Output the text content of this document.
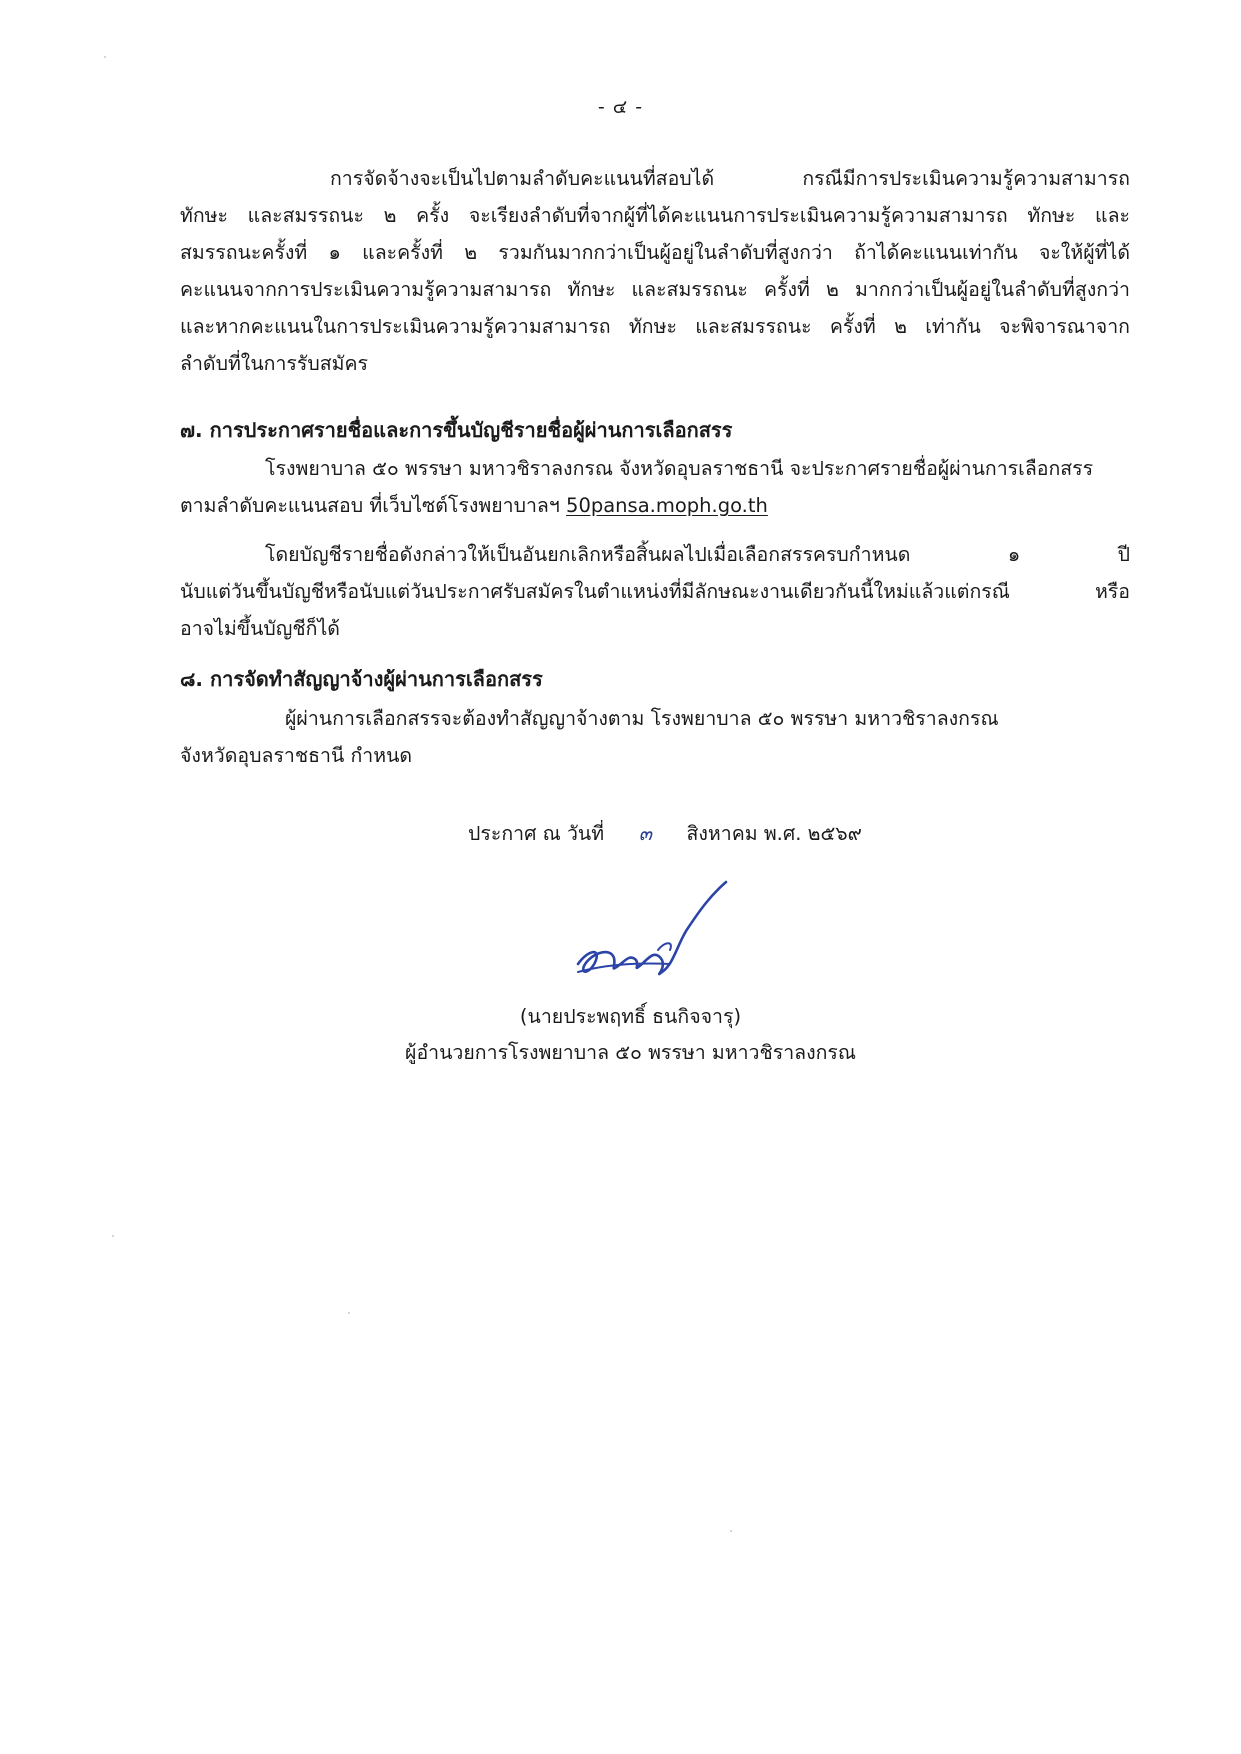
- ๔ -
การจัดจ้างจะเป็นไปตามลำดับคะแนนที่สอบได้ กรณีมีการประเมินความรู้ความสามารถ
ทักษะ และสมรรถนะ ๒ ครั้ง จะเรียงลำดับที่จากผู้ที่ได้คะแนนการประเมินความรู้ความสามารถ ทักษะ และ
สมรรถนะครั้งที่ ๑ และครั้งที่ ๒ รวมกันมากกว่าเป็นผู้อยู่ในลำดับที่สูงกว่า ถ้าได้คะแนนเท่ากัน จะให้ผู้ที่ได้
คะแนนจากการประเมินความรู้ความสามารถ ทักษะ และสมรรถนะ ครั้งที่ ๒ มากกว่าเป็นผู้อยู่ในลำดับที่สูงกว่า
และหากคะแนนในการประเมินความรู้ความสามารถ ทักษะ และสมรรถนะ ครั้งที่ ๒ เท่ากัน จะพิจารณาจาก
ลำดับที่ในการรับสมัคร
๗. การประกาศรายชื่อและการขึ้นบัญชีรายชื่อผู้ผ่านการเลือกสรร
โรงพยาบาล ๕๐ พรรษา มหาวชิราลงกรณ จังหวัดอุบลราชธานี จะประกาศรายชื่อผู้ผ่านการเลือกสรร
ตามลำดับคะแนนสอบ ที่เว็บไซต์โรงพยาบาลฯ 50pansa.moph.go.th
โดยบัญชีรายชื่อดังกล่าวให้เป็นอันยกเลิกหรือสิ้นผลไปเมื่อเลือกสรรครบกำหนด ๑ ปี
นับแต่วันขึ้นบัญชีหรือนับแต่วันประกาศรับสมัครในตำแหน่งที่มีลักษณะงานเดียวกันนี้ใหม่แล้วแต่กรณี หรือ
อาจไม่ขึ้นบัญชีก็ได้
๘. การจัดทำสัญญาจ้างผู้ผ่านการเลือกสรร
ผู้ผ่านการเลือกสรรจะต้องทำสัญญาจ้างตาม โรงพยาบาล ๕๐ พรรษา มหาวชิราลงกรณ
จังหวัดอุบลราชธานี กำหนด
ประกาศ ณ วันที่ ๓ สิงหาคม พ.ศ. ๒๕๖๙
(นายประพฤทธิ์ ธนกิจจารุ)
ผู้อำนวยการโรงพยาบาล ๕๐ พรรษา มหาวชิราลงกรณ
